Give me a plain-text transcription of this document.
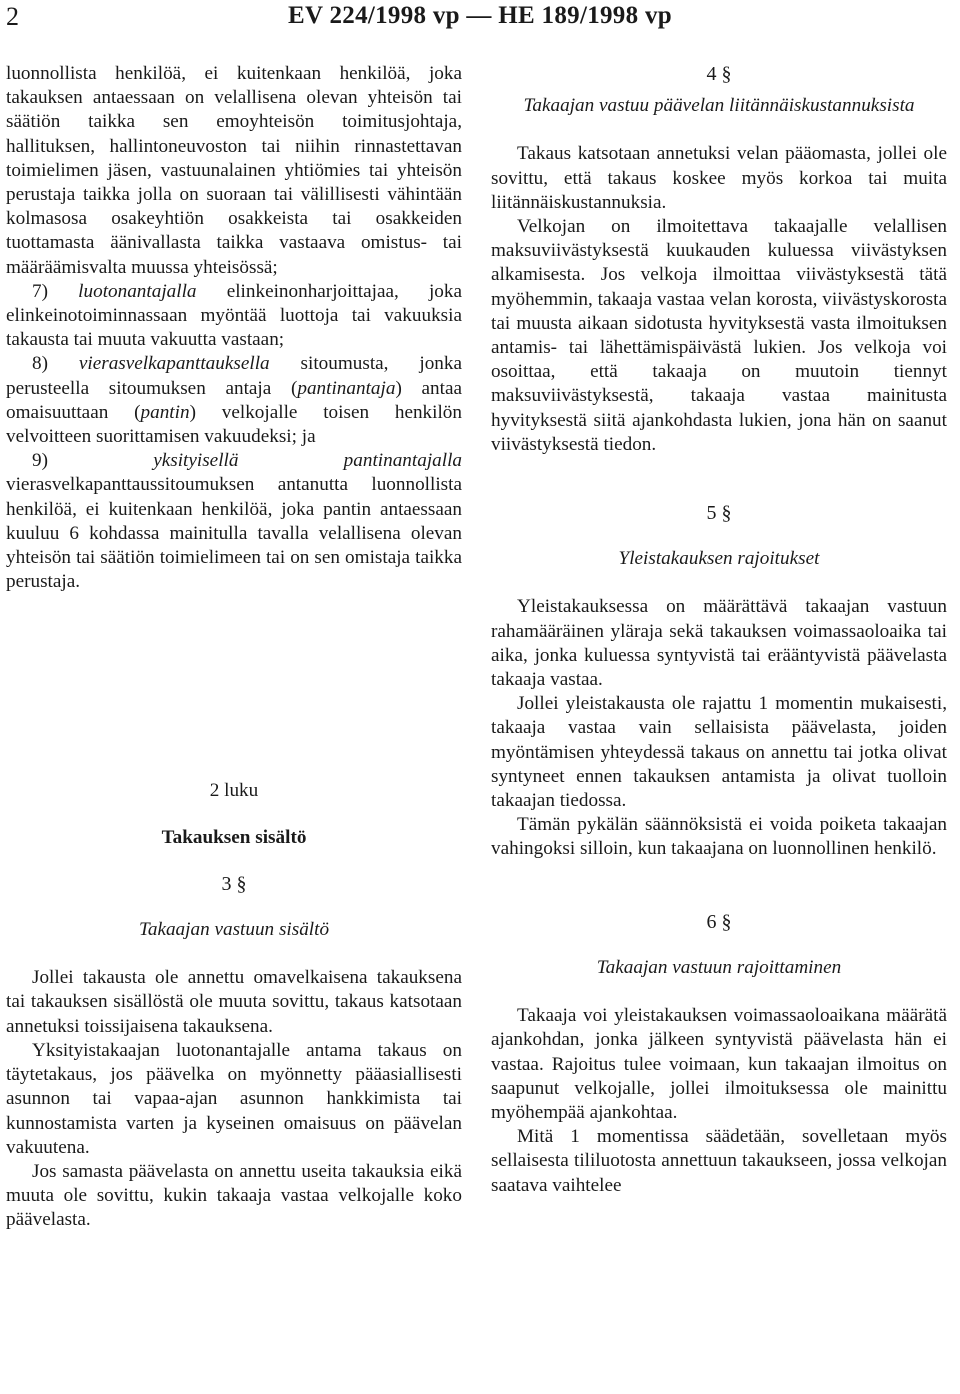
2	EV 224/1998 vp — HE 189/1998 vp

luonnollista henkilöä, ei kuitenkaan henkilöä, joka takauksen antaessaan on velallisena olevan yhteisön tai säätiön taikka sen emoyhteisön toimitusjohtaja, hallituksen, hallintoneuvoston tai niihin rinnastettavan toimielimen jäsen, vastuunalainen yhtiömies tai yhteisön perustaja taikka jolla on suoraan tai välillisesti vähintään kolmasosa osakeyhtiön osakkeista tai osakkeiden tuottamasta äänivallasta taikka vastaava omistus- tai määräämisvalta muussa yhteisössä;

7) luotonantajalla elinkeinonharjoittajaa, joka elinkeinotoiminnassaan myöntää luottoja tai vakuuksia takausta tai muuta vakuutta vastaan;

8) vierasvelkapanttauksella sitoumusta, jonka perusteella sitoumuksen antaja (pantinantaja) antaa omaisuuttaan (pantin) velkojalle toisen henkilön velvoitteen suorittamisen vakuudeksi; ja

9) yksityisellä pantinantajalla vierasvelkapanttaussitoumuksen antanutta luonnollista henkilöä, ei kuitenkaan henkilöä, joka pantin antaessaan kuuluu 6 kohdassa mainitulla tavalla velallisena olevan yhteisön tai säätiön toimielimeen tai on sen omistaja taikka perustaja.

2 luku

Takauksen sisältö

3 §

Takaajan vastuun sisältö

Jollei takausta ole annettu omavelkaisena takauksena tai takauksen sisällöstä ole muuta sovittu, takaus katsotaan annetuksi toissijaisena takauksena.

Yksityistakaajan luotonantajalle antama takaus on täytetakaus, jos päävelka on myönnetty pääasiallisesti asunnon tai vapaa-ajan asunnon hankkimista tai kunnostamista varten ja kyseinen omaisuus on päävelan vakuutena.

Jos samasta päävelasta on annettu useita takauksia eikä muuta ole sovittu, kukin takaaja vastaa velkojalle koko päävelasta.

4 §

Takaajan vastuu päävelan liitännäiskustannuksista

Takaus katsotaan annetuksi velan pääomasta, jollei ole sovittu, että takaus koskee myös korkoa tai muita liitännäiskustannuksia.

Velkojan on ilmoitettava takaajalle velallisen maksuviivästyksestä kuukauden kuluessa viivästyksen alkamisesta. Jos velkoja ilmoittaa viivästyksestä tätä myöhemmin, takaaja vastaa velan korosta, viivästyskorosta tai muusta aikaan sidotusta hyvityksestä vasta ilmoituksen antamis- tai lähettämispäivästä lukien. Jos velkoja voi osoittaa, että takaaja on muutoin tiennyt maksuviivästyksestä, takaaja vastaa mainitusta hyvityksestä siitä ajankohdasta lukien, jona hän on saanut viivästyksestä tiedon.

5 §

Yleistakauksen rajoitukset

Yleistakauksessa on määrättävä takaajan vastuun rahamääräinen yläraja sekä takauksen voimassaoloaika tai aika, jonka kuluessa syntyvistä tai erääntyvistä päävelasta takaaja vastaa.

Jollei yleistakausta ole rajattu 1 momentin mukaisesti, takaaja vastaa vain sellaisista päävelasta, joiden myöntämisen yhteydessä takaus on annettu tai jotka olivat syntyneet ennen takauksen antamista ja olivat tuolloin takaajan tiedossa.

Tämän pykälän säännöksistä ei voida poiketa takaajan vahingoksi silloin, kun takaajana on luonnollinen henkilö.

6 §

Takaajan vastuun rajoittaminen

Takaaja voi yleistakauksen voimassaoloaikana määrätä ajankohdan, jonka jälkeen syntyvistä päävelasta hän ei vastaa. Rajoitus tulee voimaan, kun takaajan ilmoitus on saapunut velkojalle, jollei ilmoituksessa ole mainittu myöhempää ajankohtaa.

Mitä 1 momentissa säädetään, sovelletaan myös sellaisesta tililuotosta annettuun takaukseen, jossa velkojan saatava vaihtelee
